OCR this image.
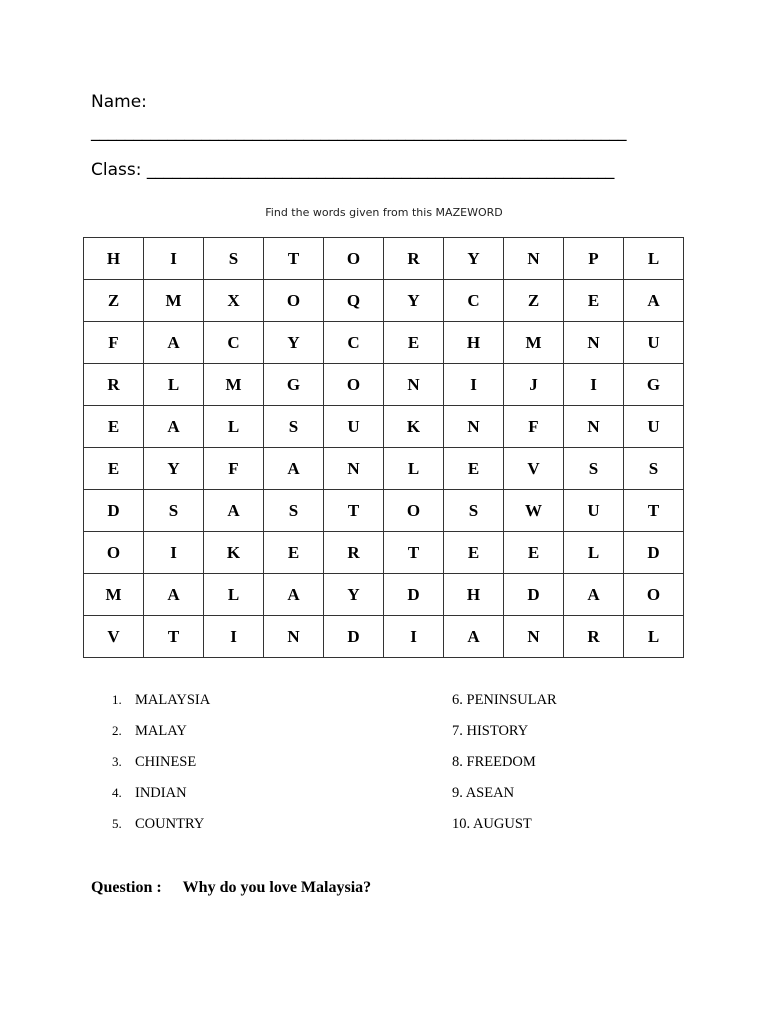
Name:
_______________________________________________________________
Class: _______________________________________________________
Find the words given from this MAZEWORD
H	I	S	T	O	R	Y	N	P	L
Z	M	X	O	Q	Y	C	Z	E	A
F	A	C	Y	C	E	H	M	N	U
R	L	M	G	O	N	I	J	I	G
E	A	L	S	U	K	N	F	N	U
E	Y	F	A	N	L	E	V	S	S
D	S	A	S	T	O	S	W	U	T
O	I	K	E	R	T	E	E	L	D
M	A	L	A	Y	D	H	D	A	O
V	T	I	N	D	I	A	N	R	L
1. MALAYSIA
2. MALAY
3. CHINESE
4. INDIAN
5. COUNTRY
6. PENINSULAR
7. HISTORY
8. FREEDOM
9. ASEAN
10. AUGUST
Question : Why do you love Malaysia?
